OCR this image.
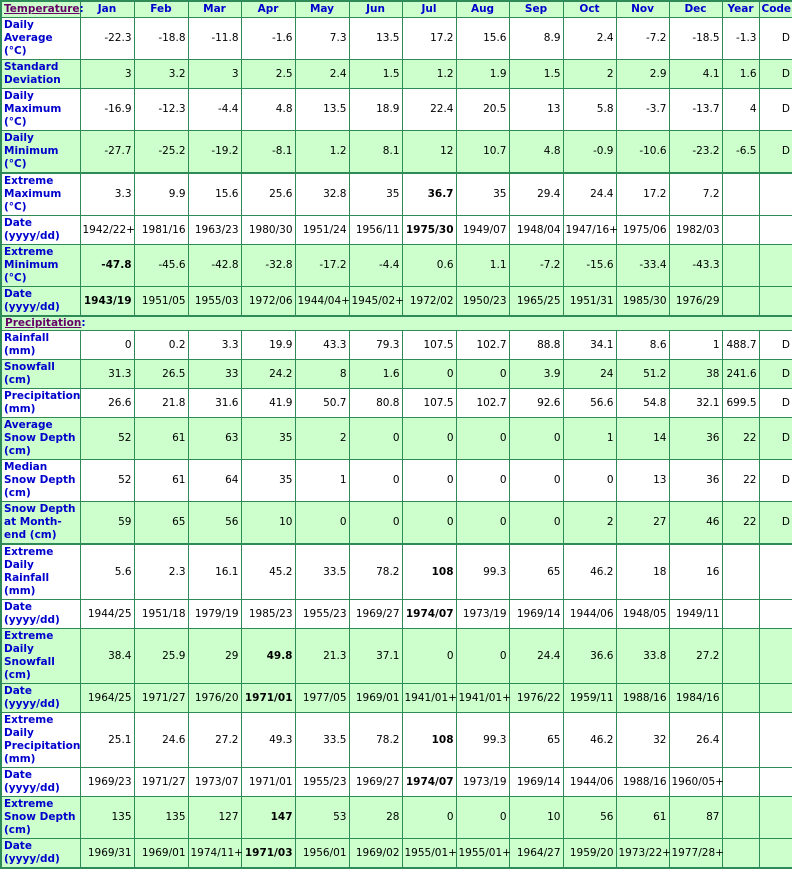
Temperature:	Jan	Feb	Mar	Apr	May	Jun	Jul	Aug	Sep	Oct	Nov	Dec	Year	Code
Daily Average (°C)	-22.3	-18.8	-11.8	-1.6	7.3	13.5	17.2	15.6	8.9	2.4	-7.2	-18.5	-1.3	D
Standard Deviation	3	3.2	3	2.5	2.4	1.5	1.2	1.9	1.5	2	2.9	4.1	1.6	D
Daily Maximum (°C)	-16.9	-12.3	-4.4	4.8	13.5	18.9	22.4	20.5	13	5.8	-3.7	-13.7	4	D
Daily Minimum (°C)	-27.7	-25.2	-19.2	-8.1	1.2	8.1	12	10.7	4.8	-0.9	-10.6	-23.2	-6.5	D
Extreme Maximum (°C)	3.3	9.9	15.6	25.6	32.8	35	36.7	35	29.4	24.4	17.2	7.2		
Date (yyyy/dd)	1942/22+	1981/16	1963/23	1980/30	1951/24	1956/11	1975/30	1949/07	1948/04	1947/16+	1975/06	1982/03		
Extreme Minimum (°C)	-47.8	-45.6	-42.8	-32.8	-17.2	-4.4	0.6	1.1	-7.2	-15.6	-33.4	-43.3		
Date (yyyy/dd)	1943/19	1951/05	1955/03	1972/06	1944/04+	1945/02+	1972/02	1950/23	1965/25	1951/31	1985/30	1976/29		
Precipitation:														
Rainfall (mm)	0	0.2	3.3	19.9	43.3	79.3	107.5	102.7	88.8	34.1	8.6	1	488.7	D
Snowfall (cm)	31.3	26.5	33	24.2	8	1.6	0	0	3.9	24	51.2	38	241.6	D
Precipitation (mm)	26.6	21.8	31.6	41.9	50.7	80.8	107.5	102.7	92.6	56.6	54.8	32.1	699.5	D
Average Snow Depth (cm)	52	61	63	35	2	0	0	0	0	1	14	36	22	D
Median Snow Depth (cm)	52	61	64	35	1	0	0	0	0	0	13	36	22	D
Snow Depth at Month-end (cm)	59	65	56	10	0	0	0	0	0	2	27	46	22	D
Extreme Daily Rainfall (mm)	5.6	2.3	16.1	45.2	33.5	78.2	108	99.3	65	46.2	18	16		
Date (yyyy/dd)	1944/25	1951/18	1979/19	1985/23	1955/23	1969/27	1974/07	1973/19	1969/14	1944/06	1948/05	1949/11		
Extreme Daily Snowfall (cm)	38.4	25.9	29	49.8	21.3	37.1	0	0	24.4	36.6	33.8	27.2		
Date (yyyy/dd)	1964/25	1971/27	1976/20	1971/01	1977/05	1969/01	1941/01+	1941/01+	1976/22	1959/11	1988/16	1984/16		
Extreme Daily Precipitation (mm)	25.1	24.6	27.2	49.3	33.5	78.2	108	99.3	65	46.2	32	26.4		
Date (yyyy/dd)	1969/23	1971/27	1973/07	1971/01	1955/23	1969/27	1974/07	1973/19	1969/14	1944/06	1988/16	1960/05+		
Extreme Snow Depth (cm)	135	135	127	147	53	28	0	0	10	56	61	87		
Date (yyyy/dd)	1969/31	1969/01	1974/11+	1971/03	1956/01	1969/02	1955/01+	1955/01+	1964/27	1959/20	1973/22+	1977/28+		
